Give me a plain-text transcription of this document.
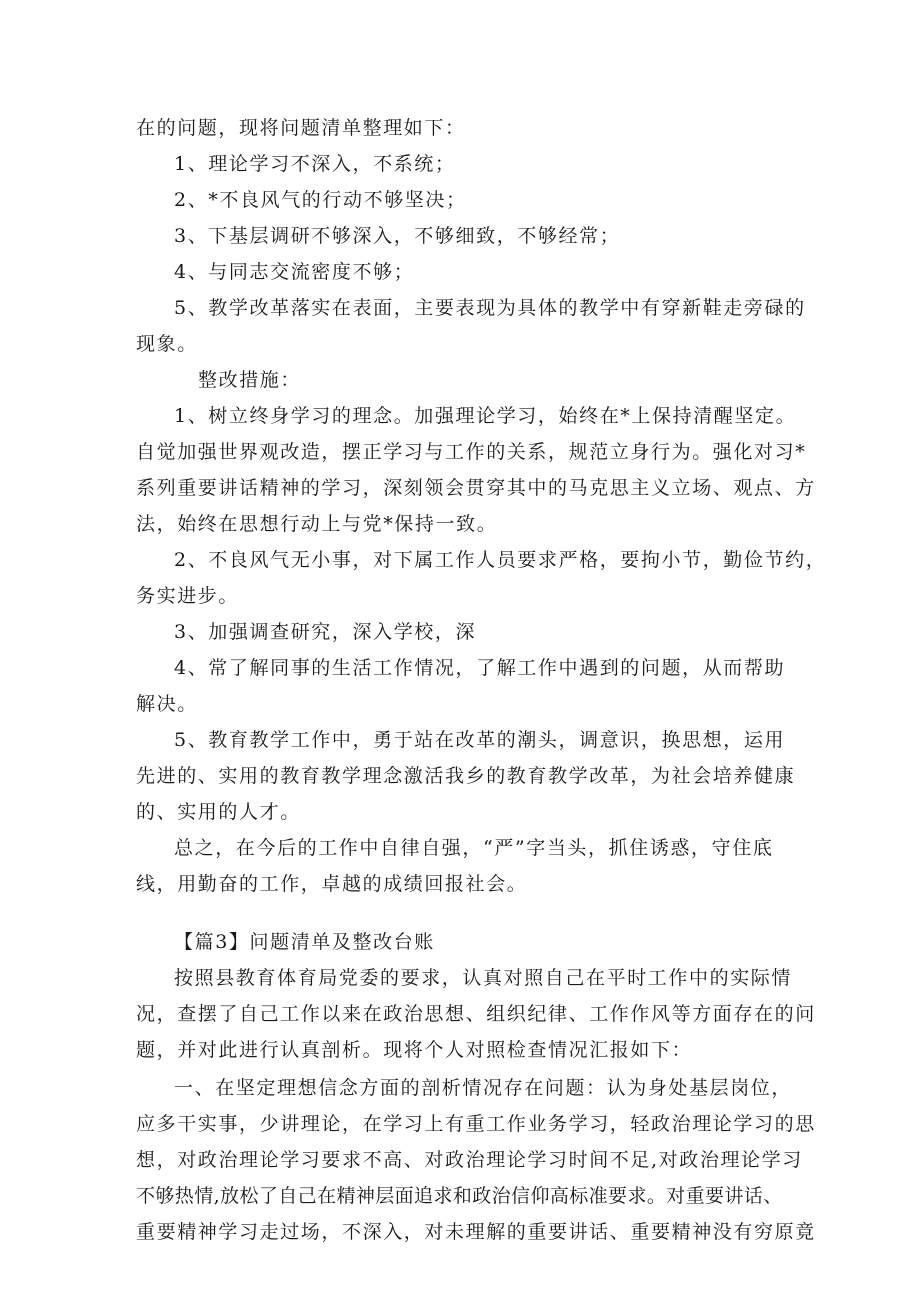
在的问题，现将问题清单整理如下：
1、理论学习不深入，不系统；
2、*不良风气的行动不够坚决；
3、下基层调研不够深入，不够细致，不够经常；
4、与同志交流密度不够；
5、教学改革落实在表面，主要表现为具体的教学中有穿新鞋走旁碌的
现象。
整改措施：
1、树立终身学习的理念。加强理论学习，始终在*上保持清醒坚定。
自觉加强世界观改造，摆正学习与工作的关系，规范立身行为。强化对习*
系列重要讲话精神的学习，深刻领会贯穿其中的马克思主义立场、观点、方
法，始终在思想行动上与党*保持一致。
2、不良风气无小事，对下属工作人员要求严格，要拘小节，勤俭节约，
务实进步。
3、加强调查研究，深入学校，深
4、常了解同事的生活工作情况，了解工作中遇到的问题，从而帮助
解决。
5、教育教学工作中，勇于站在改革的潮头，调意识，换思想，运用
先进的、实用的教育教学理念激活我乡的教育教学改革，为社会培养健康
的、实用的人才。
总之，在今后的工作中自律自强，“严”字当头，抓住诱惑，守住底
线，用勤奋的工作，卓越的成绩回报社会。
【篇3】问题清单及整改台账
按照县教育体育局党委的要求，认真对照自己在平时工作中的实际情
况，查摆了自己工作以来在政治思想、组织纪律、工作作风等方面存在的问
题，并对此进行认真剖析。现将个人对照检查情况汇报如下：
一、在坚定理想信念方面的剖析情况存在问题：认为身处基层岗位，
应多干实事，少讲理论，在学习上有重工作业务学习，轻政治理论学习的思
想，对政治理论学习要求不高、对政治理论学习时间不足,对政治理论学习
不够热情,放松了自己在精神层面追求和政治信仰高标准要求。对重要讲话、
重要精神学习走过场，不深入，对未理解的重要讲话、重要精神没有穷原竟
